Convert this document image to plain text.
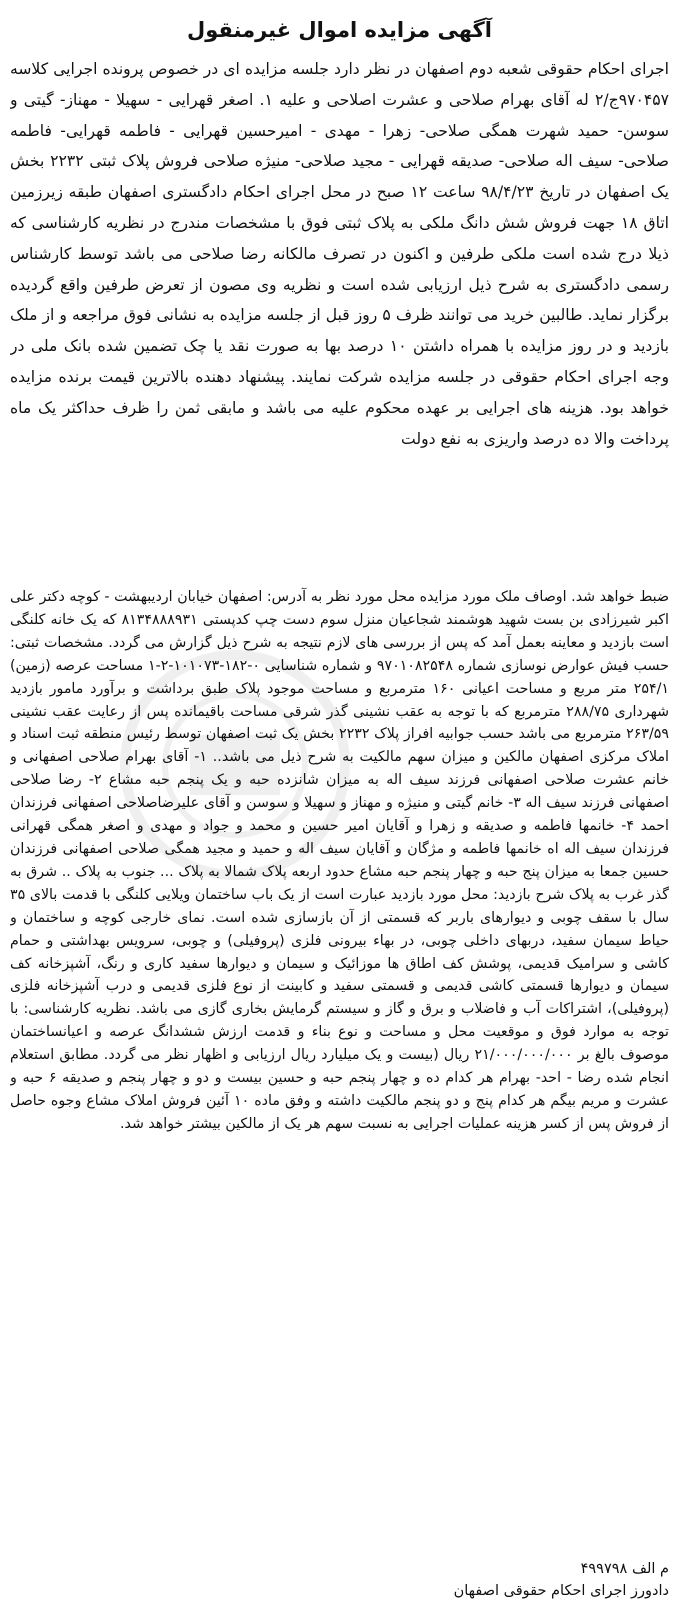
آگهی مزایده اموال غیرمنقول

اجرای احکام حقوقی شعبه دوم اصفهان در نظر دارد جلسه مزایده ای در خصوص پرونده اجرایی کلاسه ۹۷۰۴۵۷ج/۲ له آقای بهرام صلاحی و عشرت اصلاحی و علیه ۱. اصغر قهرایی - سهیلا - مهناز- گیتی و سوسن- حمید شهرت همگی صلاحی- زهرا - مهدی - امیرحسین قهرایی - فاطمه قهرایی- فاطمه صلاحی- سیف اله صلاحی- صدیقه قهرایی - مجید صلاحی- منیژه صلاحی فروش پلاک ثبتی ۲۲۳۲ بخش یک اصفهان در تاریخ ۹۸/۴/۲۳ ساعت ۱۲ صبح در محل اجرای احکام دادگستری اصفهان طبقه زیرزمین اتاق ۱۸ جهت فروش شش دانگ ملکی به پلاک ثبتی فوق با مشخصات مندرج در نظریه کارشناسی که ذیلا درج شده است ملکی طرفین و اکنون در تصرف مالکانه رضا صلاحی می باشد توسط کارشناس رسمی دادگستری به شرح ذیل ارزیابی شده است و نظریه وی مصون از تعرض طرفین واقع گردیده برگزار نماید. طالبین خرید می توانند ظرف ۵ روز قبل از جلسه مزایده به نشانی فوق مراجعه و از ملک بازدید و در روز مزایده با همراه داشتن ۱۰ درصد بها به صورت نقد یا چک تضمین شده بانک ملی در وجه اجرای احکام حقوقی در جلسه مزایده شرکت نمایند. پیشنهاد دهنده بالاترین قیمت برنده مزایده خواهد بود. هزینه های اجرایی بر عهده محکوم علیه می باشد و مابقی ثمن را ظرف حداکثر یک ماه پرداخت والا ده درصد واریزی به نفع دولت

ضبط خواهد شد. اوصاف ملک مورد مزایده محل مورد نظر به آدرس: اصفهان خیابان اردیبهشت - کوچه دکتر علی اکبر شیرزادی بن بست شهید هوشمند شجاعیان منزل سوم دست چپ کدپستی ۸۱۳۴۸۸۸۹۳۱ که یک خانه کلنگی است بازدید و معاینه بعمل آمد که پس از بررسی های لازم نتیجه به شرح ذیل گزارش می گردد. مشخصات ثبتی: حسب فیش عوارض نوسازی شماره ۹۷۰۱۰۸۲۵۴۸ و شماره شناسایی ۰-۱۸۲-۱۰۱۰۷۳-۲-۱ مساحت عرصه (زمین) ۲۵۴/۱ متر مربع و مساحت اعیانی ۱۶۰ مترمربع و مساحت موجود پلاک طبق برداشت و برآورد مامور بازدید شهرداری ۲۸۸/۷۵ مترمربع که با توجه به عقب نشینی گذر شرقی مساحت باقیمانده پس از رعایت عقب نشینی ۲۶۳/۵۹ مترمربع می باشد حسب جوابیه افراز پلاک ۲۲۳۲ بخش یک ثبت اصفهان توسط رئیس منطقه ثبت اسناد و املاک مرکزی اصفهان مالکین و میزان سهم مالکیت به شرح ذیل می باشد.. ۱- آقای بهرام صلاحی اصفهانی و خانم عشرت صلاحی اصفهانی فرزند سیف اله به میزان شانزده حبه و یک پنجم حبه مشاع ۲- رضا صلاحی اصفهانی فرزند سیف اله ۳- خانم گیتی و منیژه و مهناز و سهیلا و سوسن و آقای علیرضاصلاحی اصفهانی فرزندان احمد ۴- خانمها فاطمه و صدیقه و زهرا و آقایان امیر حسین و محمد و جواد و مهدی و اصغر همگی قهرانی فرزندان سیف اله اه خانمها فاطمه و مژگان و آقایان سیف اله و حمید و مجید همگی صلاحی اصفهانی فرزندان حسین جمعا به میزان پنج حبه و چهار پنجم حبه مشاع حدود اربعه پلاک شمالا به پلاک ... جنوب به پلاک .. شرق به گذر غرب به پلاک شرح بازدید: محل مورد بازدید عبارت است از یک باب ساختمان ویلایی کلنگی با قدمت بالای ۳۵ سال با سقف چوبی و دیوارهای باربر که قسمتی از آن بازسازی شده است. نمای خارجی کوچه و ساختمان و حیاط سیمان سفید، دربهای داخلی چوبی، در بهاء بیرونی فلزی (پروفیلی) و چوبی، سرویس بهداشتی و حمام کاشی و سرامیک قدیمی، پوشش کف اطاق ها موزائیک و سیمان و دیوارها سفید کاری و رنگ، آشپزخانه کف سیمان و دیوارها قسمتی کاشی قدیمی و قسمتی سفید و کابینت از نوع فلزی قدیمی و درب آشپزخانه فلزی (پروفیلی)، اشتراکات آب و فاضلاب و برق و گاز و سیستم گرمایش بخاری گازی می باشد. نظریه کارشناسی: با توجه به موارد فوق و موقعیت محل و مساحت و نوع بناء و قدمت ارزش ششدانگ عرصه و اعیانساختمان موصوف بالغ بر ۲۱/۰۰۰/۰۰۰/۰۰۰ ریال (بیست و یک میلیارد ریال ارزیابی و اظهار نظر می گردد. مطابق استعلام انجام شده رضا - احد- بهرام هر کدام ده و چهار پنجم حبه و حسین بیست و دو و چهار پنجم و صدیقه ۶ حبه و عشرت و مریم بیگم هر کدام پنج و دو پنجم مالکیت داشته و وفق ماده ۱۰ آئین فروش املاک مشاع وجوه حاصل از فروش پس از کسر هزینه عملیات اجرایی به نسبت سهم هر یک از مالکین بیشتر خواهد شد.

م الف ۴۹۹۷۹۸

دادورز اجرای احکام حقوقی اصفهان
